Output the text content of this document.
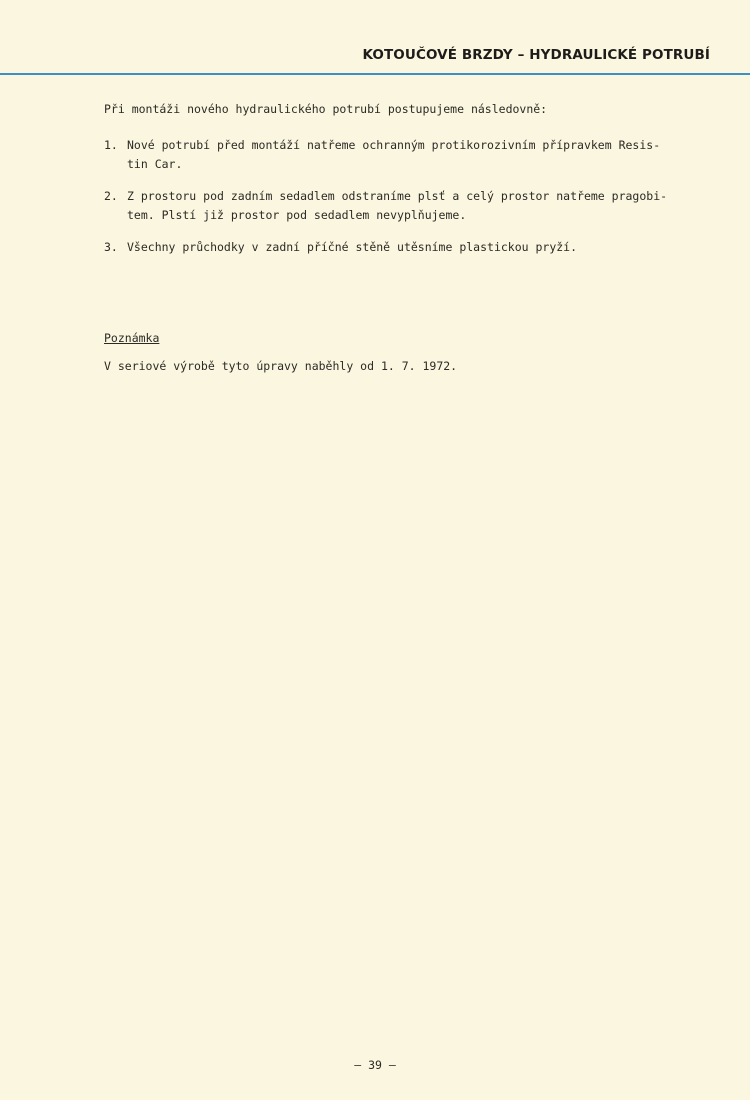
KOTOUČOVÉ BRZDY – HYDRAULICKÉ POTRUBÍ
Při montáži nového hydraulického potrubí postupujeme následovně:
1. Nové potrubí před montáží natřeme ochranným protikorozivním přípravkem Resis-
tin Car.
2. Z prostoru pod zadním sedadlem odstraníme plsť a celý prostor natřeme pragobi-
tem. Plstí již prostor pod sedadlem nevyplňujeme.
3. Všechny průchodky v zadní příčné stěně utěsníme plastickou pryží.
Poznámka
V seriové výrobě tyto úpravy naběhly od 1. 7. 1972.
– 39 –
